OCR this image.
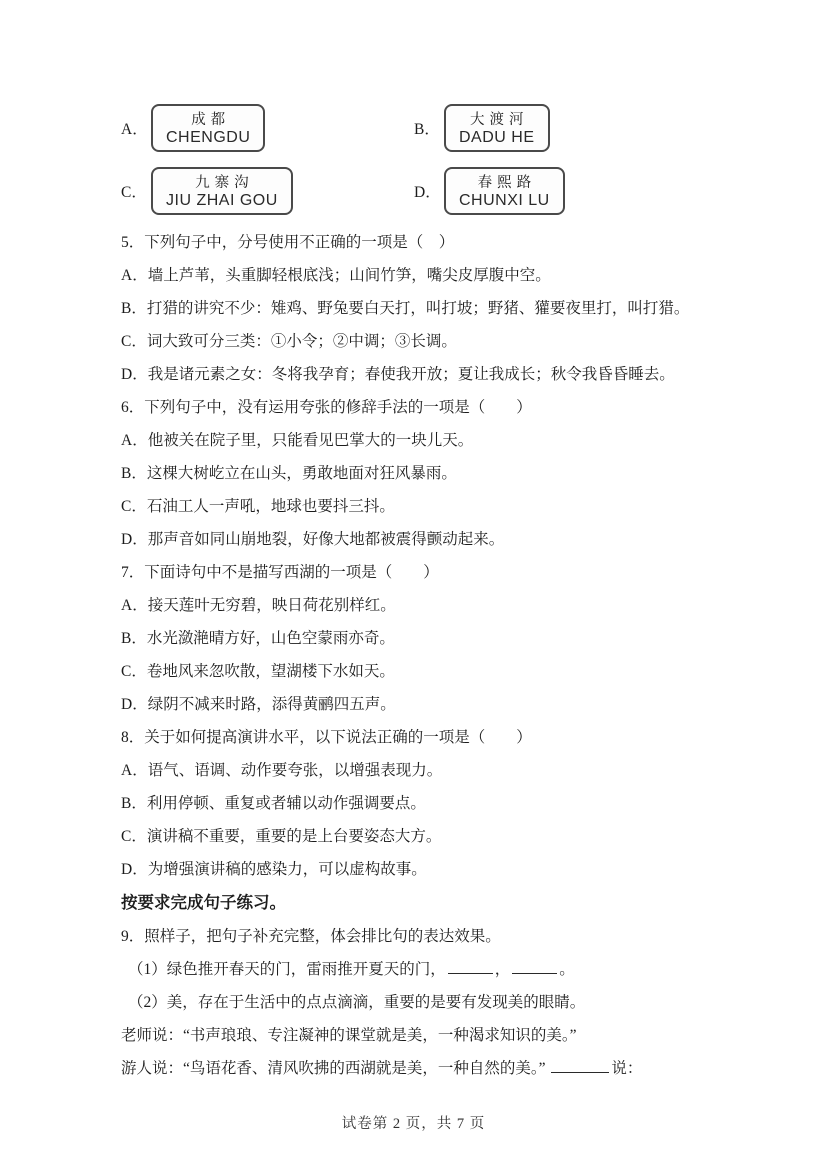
A．
成都
CHENGDU	B．
大渡河
DADU HE
C．
九寨沟
JIU ZHAI GOU	D．
春熙路
CHUNXI LU

5．下列句子中，分号使用不正确的一项是（　）

A．墙上芦苇，头重脚轻根底浅；山间竹笋，嘴尖皮厚腹中空。

B．打猎的讲究不少：雉鸡、野兔要白天打，叫打坡；野猪、獾要夜里打，叫打猎。

C．词大致可分三类：①小令；②中调；③长调。

D．我是诸元素之女：冬将我孕育；春使我开放；夏让我成长；秋令我昏昏睡去。

6．下列句子中，没有运用夸张的修辞手法的一项是（　　）

A．他被关在院子里，只能看见巴掌大的一块儿天。

B．这棵大树屹立在山头，勇敢地面对狂风暴雨。

C．石油工人一声吼，地球也要抖三抖。

D．那声音如同山崩地裂，好像大地都被震得颤动起来。

7．下面诗句中不是描写西湖的一项是（　　）

A．接天莲叶无穷碧，映日荷花别样红。

B．水光潋滟晴方好，山色空蒙雨亦奇。

C．卷地风来忽吹散，望湖楼下水如天。

D．绿阴不减来时路，添得黄鹂四五声。

8．关于如何提高演讲水平，以下说法正确的一项是（　　）

A．语气、语调、动作要夸张，以增强表现力。

B．利用停顿、重复或者辅以动作强调要点。

C．演讲稿不重要，重要的是上台要姿态大方。

D．为增强演讲稿的感染力，可以虚构故事。

按要求完成句子练习。

9．照样子，把句子补充完整，体会排比句的表达效果。

（1）绿色推开春天的门，雷雨推开夏天的门，	，	。

（2）美，存在于生活中的点点滴滴，重要的是要有发现美的眼睛。

老师说：“书声琅琅、专注凝神的课堂就是美，一种渴求知识的美。”

游人说：“鸟语花香、清风吹拂的西湖就是美，一种自然的美。”	说：

试卷第 2 页，共 7 页
